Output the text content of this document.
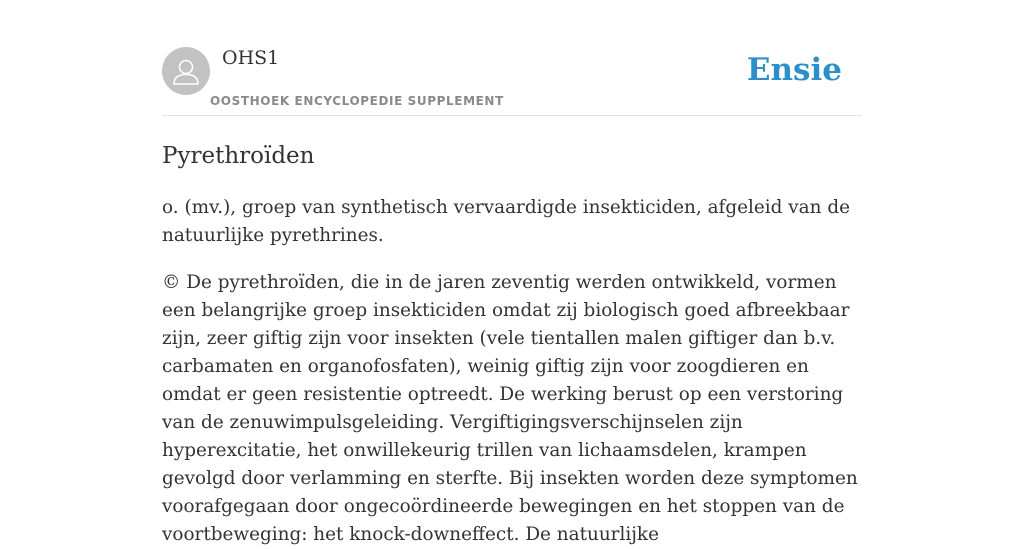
OHS1
OOSTHOEK ENCYCLOPEDIE SUPPLEMENT
Ensie
Pyrethroïden

o. (mv.), groep van synthetisch vervaardigde insekticiden, afgeleid van de natuurlijke pyrethrines.

© De pyrethroïden, die in de jaren zeventig werden ontwikkeld, vormen een belangrijke groep insekticiden omdat zij biologisch goed afbreekbaar zijn, zeer giftig zijn voor insekten (vele tientallen malen giftiger dan b.v. carbamaten en organofosfaten), weinig giftig zijn voor zoogdieren en omdat er geen resistentie optreedt. De werking berust op een verstoring van de zenuwimpulsgeleiding. Vergiftigingsverschijnselen zijn hyperexcitatie, het onwillekeurig trillen van lichaamsdelen, krampen gevolgd door verlamming en sterfte. Bij insekten worden deze symptomen voorafgegaan door ongecoördineerde bewegingen en het stoppen van de voortbeweging: het knock-downeffect. De natuurlijke
